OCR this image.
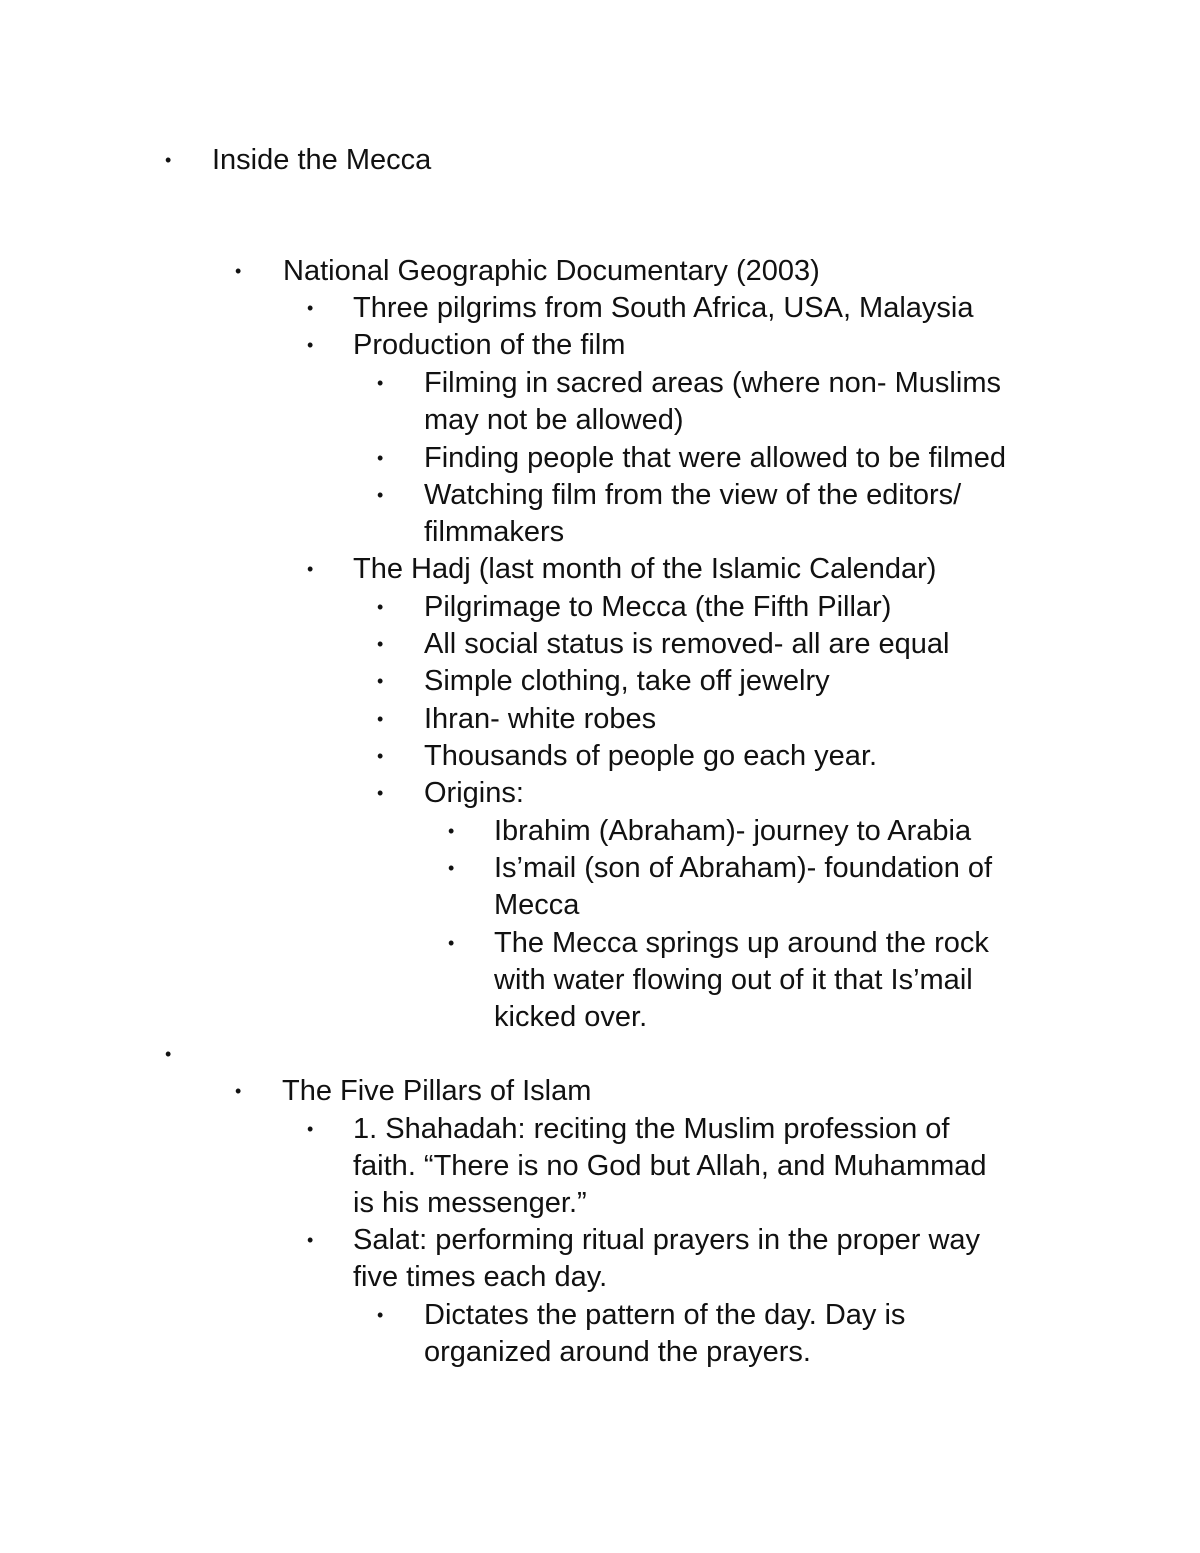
• Inside the Mecca
• National Geographic Documentary (2003)
• Three pilgrims from South Africa, USA, Malaysia
• Production of the film
• Filming in sacred areas (where non- Muslims
may not be allowed)
• Finding people that were allowed to be filmed
• Watching film from the view of the editors/
filmmakers
• The Hadj (last month of the Islamic Calendar)
• Pilgrimage to Mecca (the Fifth Pillar)
• All social status is removed- all are equal
• Simple clothing, take off jewelry
• Ihran- white robes
• Thousands of people go each year.
• Origins:
• Ibrahim (Abraham)- journey to Arabia
• Is’mail (son of Abraham)- foundation of
Mecca
• The Mecca springs up around the rock
with water flowing out of it that Is’mail
kicked over.
•
• The Five Pillars of Islam
• 1. Shahadah: reciting the Muslim profession of
faith. “There is no God but Allah, and Muhammad
is his messenger.”
• Salat: performing ritual prayers in the proper way
five times each day.
• Dictates the pattern of the day. Day is
organized around the prayers.
